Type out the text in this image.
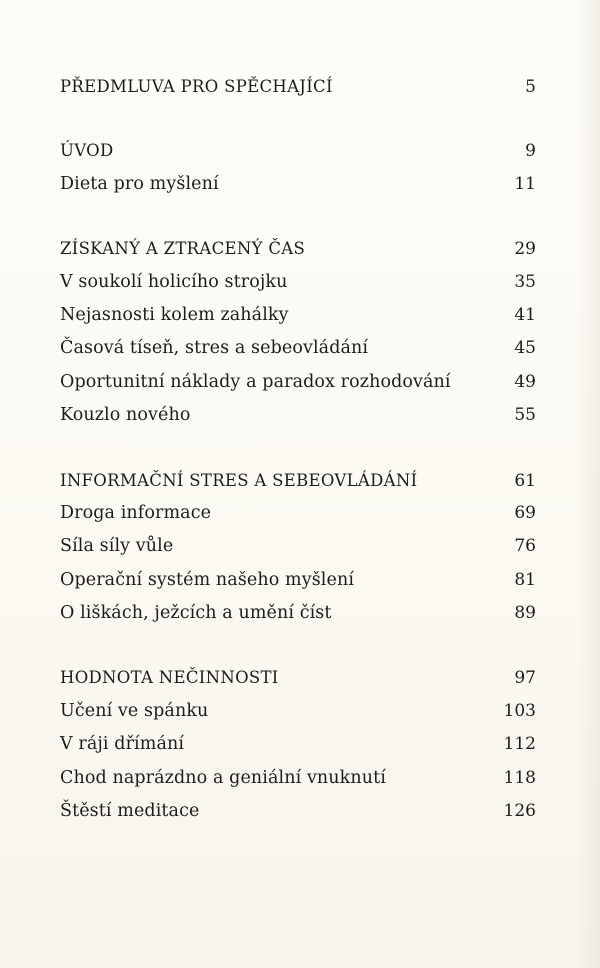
PŘEDMLUVA PRO SPĚCHAJÍCÍ	5
ÚVOD	9
Dieta pro myšlení	11
ZÍSKANÝ A ZTRACENÝ ČAS	29
V soukolí holicího strojku	35
Nejasnosti kolem zahálky	41
Časová tíseň, stres a sebeovládání	45
Oportunitní náklady a paradox rozhodování	49
Kouzlo nového	55
INFORMAČNÍ STRES A SEBEOVLÁDÁNÍ	61
Droga informace	69
Síla síly vůle	76
Operační systém našeho myšlení	81
O liškách, ježcích a umění číst	89
HODNOTA NEČINNOSTI	97
Učení ve spánku	103
V ráji dřímání	112
Chod naprázdno a geniální vnuknutí	118
Štěstí meditace	126
